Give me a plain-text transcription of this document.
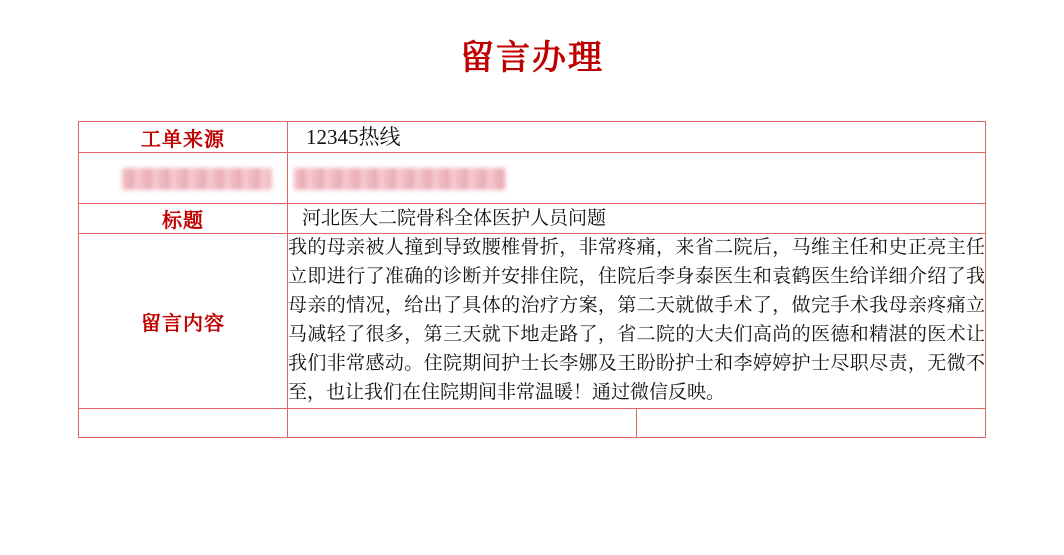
留言办理
工单来源	12345热线	

标题	河北医大二院骨科全体医护人员问题	
留言内容	我的母亲被人撞到导致腰椎骨折，非常疼痛，来省二院后，马维主任和史正亮主任立即进行了准确的诊断并安排住院，住院后李身泰医生和袁鹤医生给详细介绍了我母亲的情况，给出了具体的治疗方案，第二天就做手术了，做完手术我母亲疼痛立马减轻了很多，第三天就下地走路了，省二院的大夫们高尚的医德和精湛的医术让我们非常感动。住院期间护士长李娜及王盼盼护士和李婷婷护士尽职尽责，无微不至，也让我们在住院期间非常温暖！通过微信反映。	
